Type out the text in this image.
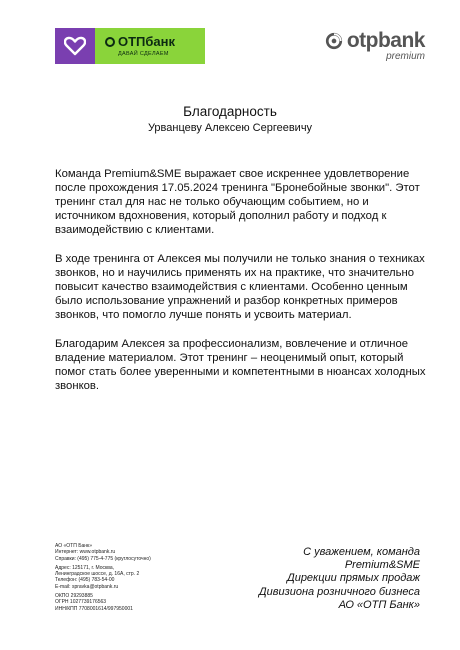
ОТПбанк
ДАВАЙ СДЕЛАЕМ
otpbank
premium
Благодарность
Урванцеву Алексею Сергеевичу

Команда Premium&SME выражает свое искреннее удовлетворение после прохождения 17.05.2024 тренинга "Бронебойные звонки". Этот тренинг стал для нас не только обучающим событием, но и источником вдохновения, который дополнил работу и подход к взаимодействию с клиентами.

В ходе тренинга от Алексея мы получили не только знания о техниках звонков, но и научились применять их на практике, что значительно повысит качество взаимодействия с клиентами. Особенно ценным было использование упражнений и разбор конкретных примеров звонков, что помогло лучше понять и усвоить материал.

Благодарим Алексея за профессионализм, вовлечение и отличное владение материалом. Этот тренинг – неоценимый опыт, который помог стать более уверенными и компетентными в нюансах холодных звонков.

АО «ОТП Банк»
Интернет: www.otpbank.ru
Справки: (495) 775-4-775 (круглосуточно)
Адрес: 125171, г. Москва,
Ленинградское шоссе, д. 16А, стр. 2
Телефон: (495) 783-54-00
E-mail: spravka@otpbank.ru
ОКПО 29293885
ОГРН 1027739176563
ИНН/КПП 7708001614/997950001
С уважением, команда
Premium&SME
Дирекции прямых продаж
Дивизиона розничного бизнеса
АО «ОТП Банк»
